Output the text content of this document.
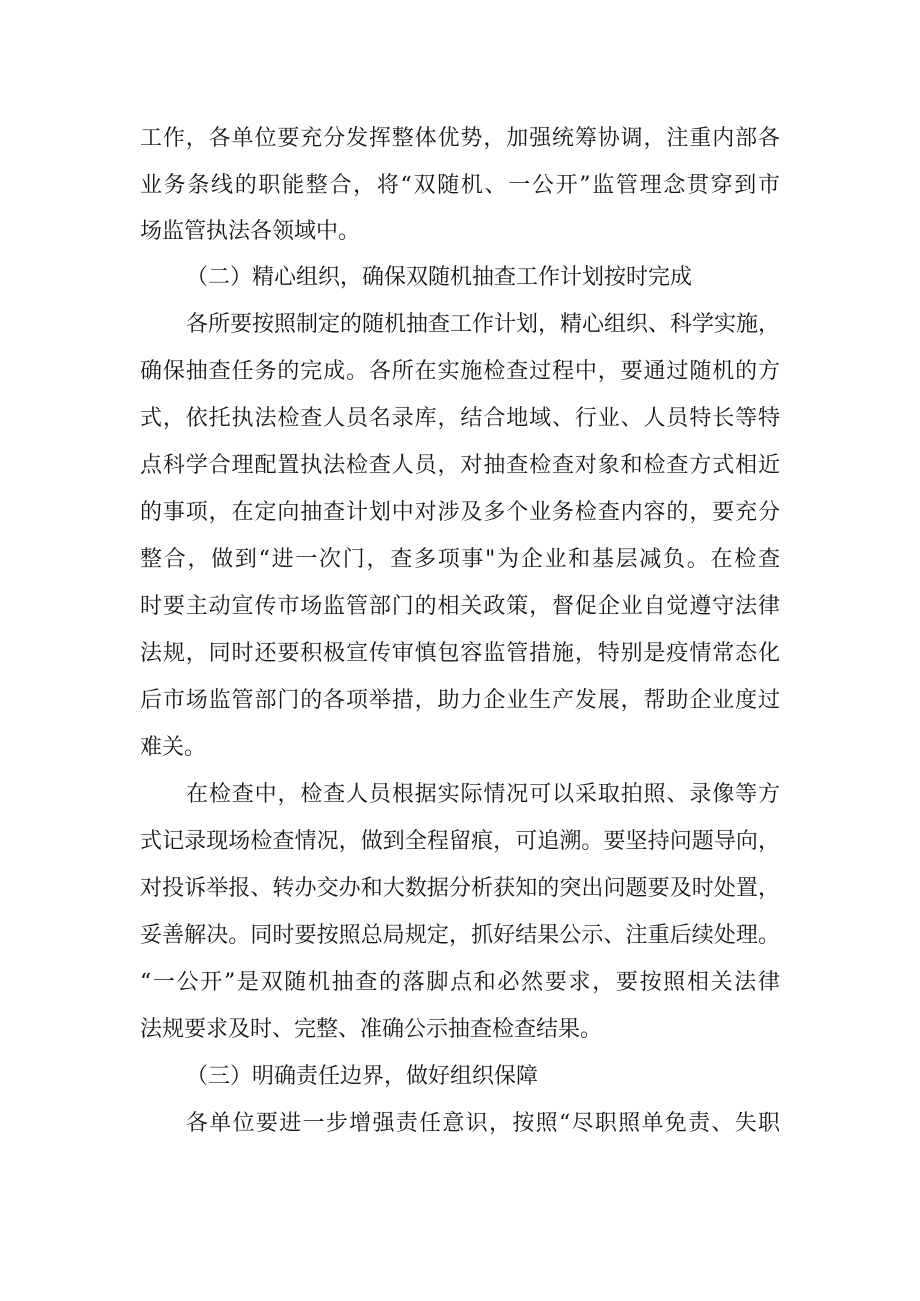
工作，各单位要充分发挥整体优势，加强统筹协调，注重内部各

业务条线的职能整合，将“双随机、一公开”监管理念贯穿到市

场监管执法各领域中。

（二）精心组织，确保双随机抽查工作计划按时完成

各所要按照制定的随机抽查工作计划，精心组织、科学实施，

确保抽查任务的完成。各所在实施检查过程中，要通过随机的方

式，依托执法检查人员名录库，结合地域、行业、人员特长等特

点科学合理配置执法检查人员，对抽查检查对象和检查方式相近

的事项，在定向抽查计划中对涉及多个业务检查内容的，要充分

整合，做到“进一次门，查多项事"为企业和基层减负。在检查

时要主动宣传市场监管部门的相关政策，督促企业自觉遵守法律

法规，同时还要积极宣传审慎包容监管措施，特别是疫情常态化

后市场监管部门的各项举措，助力企业生产发展，帮助企业度过

难关。

在检查中，检查人员根据实际情况可以采取拍照、录像等方

式记录现场检查情况，做到全程留痕，可追溯。要坚持问题导向，

对投诉举报、转办交办和大数据分析获知的突出问题要及时处置，

妥善解决。同时要按照总局规定，抓好结果公示、注重后续处理。

“一公开”是双随机抽查的落脚点和必然要求，要按照相关法律

法规要求及时、完整、准确公示抽查检查结果。

（三）明确责任边界，做好组织保障

各单位要进一步增强责任意识，按照“尽职照单免责、失职
